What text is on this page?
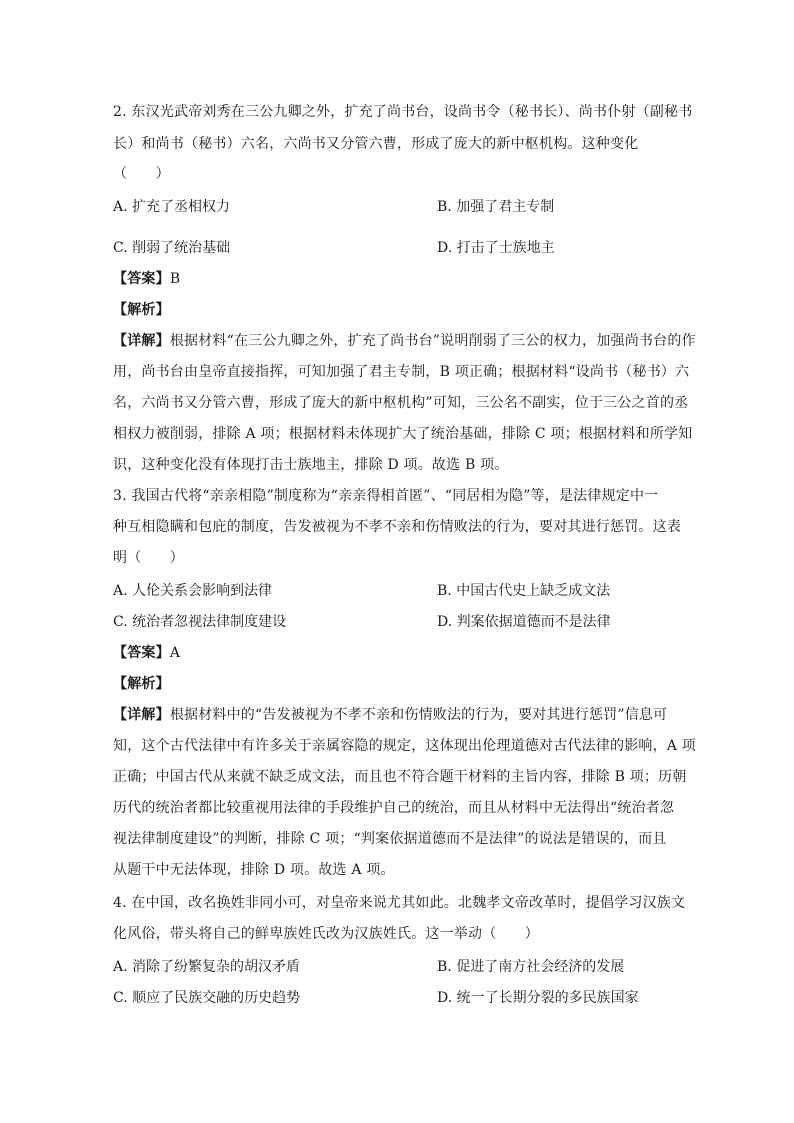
2. 东汉光武帝刘秀在三公九卿之外，扩充了尚书台，设尚书令（秘书长）、尚书仆射（副秘书
长）和尚书（秘书）六名，六尚书又分管六曹，形成了庞大的新中枢机构。这种变化
（　　）
A. 扩充了丞相权力	B. 加强了君主专制
C. 削弱了统治基础	D. 打击了士族地主
【答案】B
【解析】
【详解】根据材料“在三公九卿之外，扩充了尚书台”说明削弱了三公的权力，加强尚书台的作
用，尚书台由皇帝直接指挥，可知加强了君主专制，B 项正确；根据材料“设尚书（秘书）六
名，六尚书又分管六曹，形成了庞大的新中枢机构”可知，三公名不副实，位于三公之首的丞
相权力被削弱，排除 A 项；根据材料未体现扩大了统治基础，排除 C 项；根据材料和所学知
识，这种变化没有体现打击士族地主，排除 D 项。故选 B 项。
3. 我国古代将“亲亲相隐”制度称为“亲亲得相首匿”、“同居相为隐”等，是法律规定中一
种互相隐瞒和包庇的制度，告发被视为不孝不亲和伤情败法的行为，要对其进行惩罚。这表
明（　　）
A. 人伦关系会影响到法律	B. 中国古代史上缺乏成文法
C. 统治者忽视法律制度建设	D. 判案依据道德而不是法律
【答案】A
【解析】
【详解】根据材料中的“告发被视为不孝不亲和伤情败法的行为，要对其进行惩罚”信息可
知，这个古代法律中有许多关于亲属容隐的规定，这体现出伦理道德对古代法律的影响，A 项
正确；中国古代从来就不缺乏成文法，而且也不符合题干材料的主旨内容，排除 B 项；历朝
历代的统治者都比较重视用法律的手段维护自己的统治，而且从材料中无法得出“统治者忽
视法律制度建设”的判断，排除 C 项；“判案依据道德而不是法律”的说法是错误的，而且
从题干中无法体现，排除 D 项。故选 A 项。
4. 在中国，改名换姓非同小可，对皇帝来说尤其如此。北魏孝文帝改革时，提倡学习汉族文
化风俗，带头将自己的鲜卑族姓氏改为汉族姓氏。这一举动（　　）
A. 消除了纷繁复杂的胡汉矛盾	B. 促进了南方社会经济的发展
C. 顺应了民族交融的历史趋势	D. 统一了长期分裂的多民族国家
